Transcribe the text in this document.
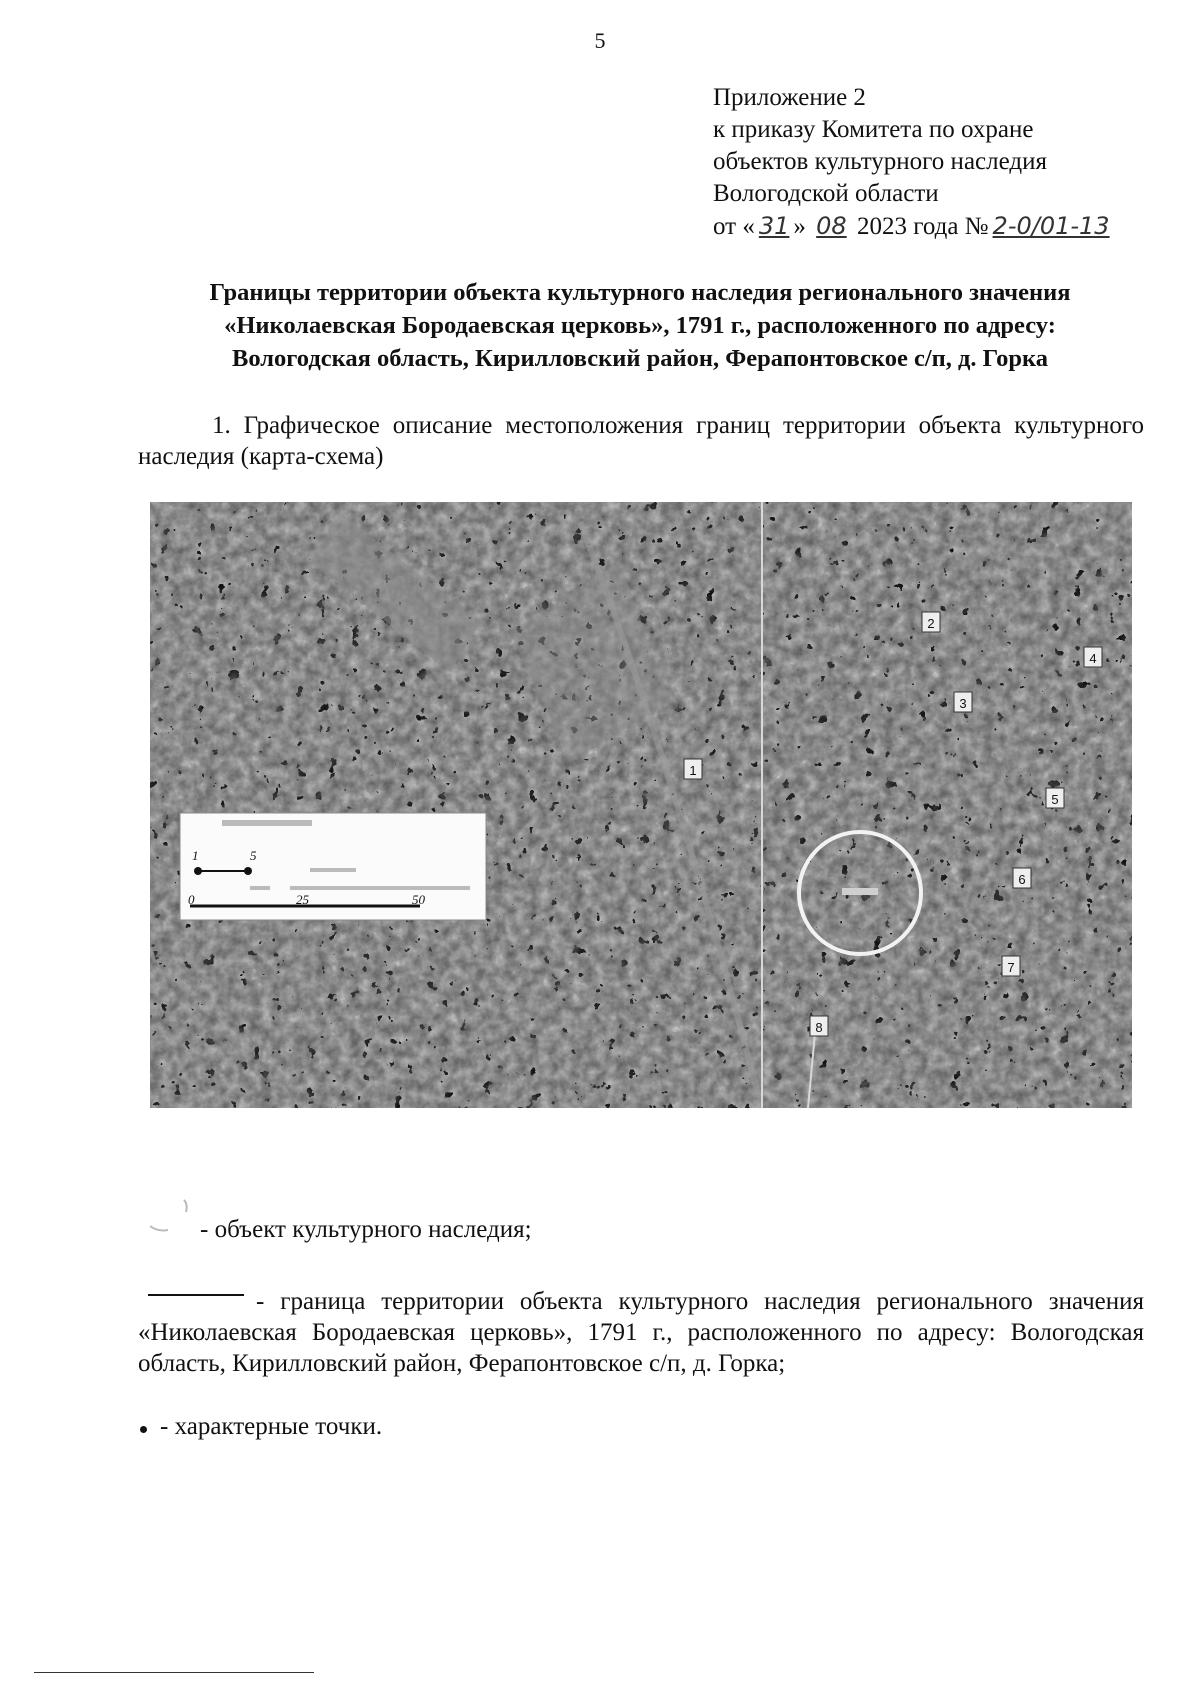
5
Приложение 2
к приказу Комитета по охране
объектов культурного наследия
Вологодской области
от « 31 » 08 2023 года № 2-0/01-13
Границы территории объекта культурного наследия регионального значения
«Николаевская Бородаевская церковь», 1791 г., расположенного по адресу:
Вологодская область, Кирилловский район, Ферапонтовское с/п, д. Горка
1. Графическое описание местоположения границ территории объекта культурного наследия (карта-схема)
1	5
0	25	50
2
4
3
1
5
6
7
8
- объект культурного наследия;
- граница территории объекта культурного наследия регионального значения «Николаевская Бородаевская церковь», 1791 г., расположенного по адресу: Вологодская область, Кирилловский район, Ферапонтовское с/п, д. Горка;
- характерные точки.
